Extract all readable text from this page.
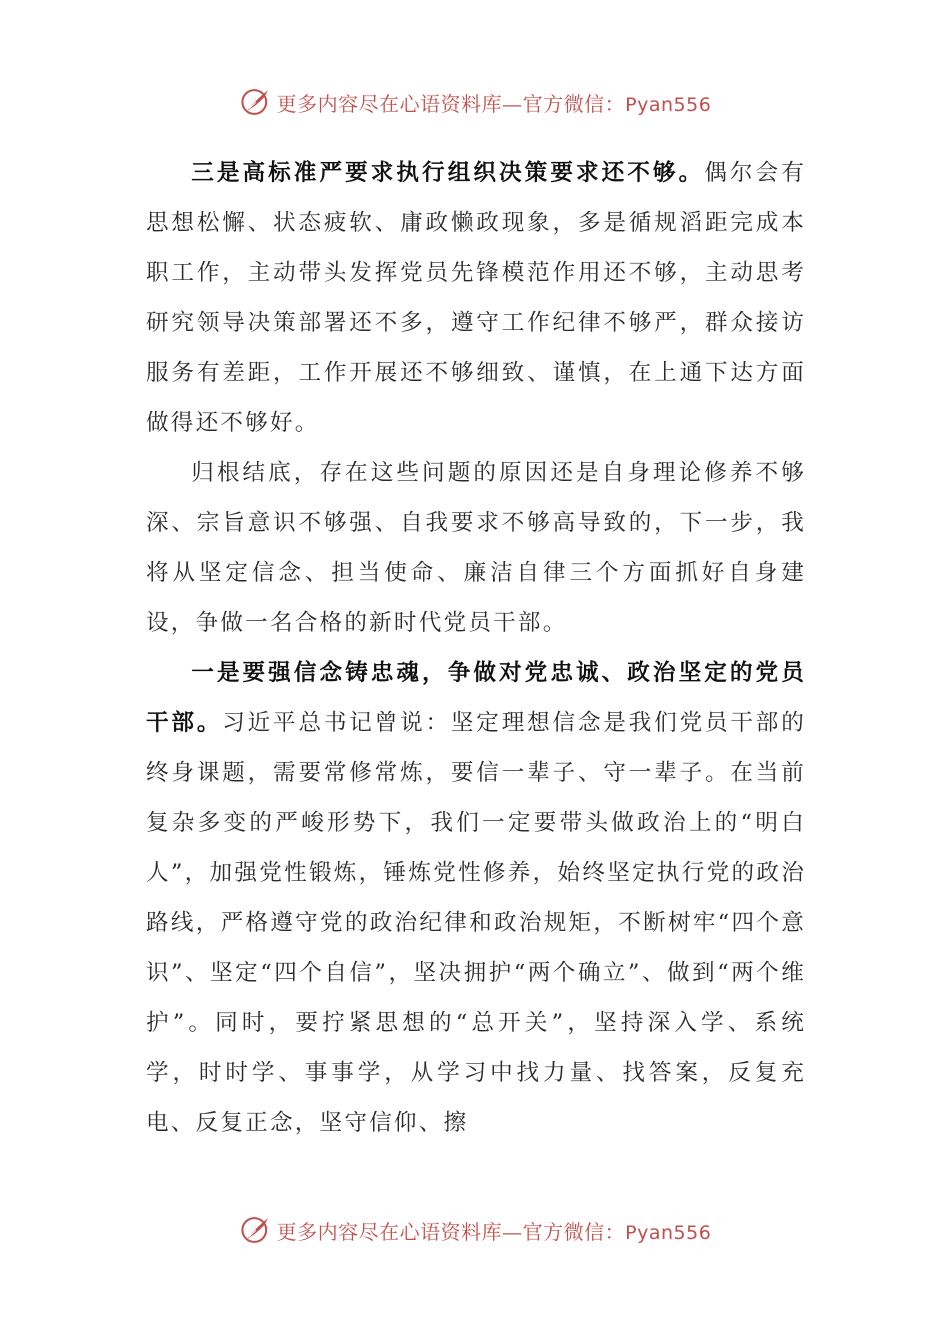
更多内容尽在心语资料库—官方微信：Pyan556

三是高标准严要求执行组织决策要求还不够。偶尔会有思想松懈、状态疲软、庸政懒政现象，多是循规滔距完成本职工作，主动带头发挥党员先锋模范作用还不够，主动思考研究领导决策部署还不多，遵守工作纪律不够严，群众接访服务有差距，工作开展还不够细致、谨慎，在上通下达方面做得还不够好。

归根结底，存在这些问题的原因还是自身理论修养不够深、宗旨意识不够强、自我要求不够高导致的，下一步，我将从坚定信念、担当使命、廉洁自律三个方面抓好自身建设，争做一名合格的新时代党员干部。

一是要强信念铸忠魂，争做对党忠诚、政治坚定的党员干部。习近平总书记曾说：坚定理想信念是我们党员干部的终身课题，需要常修常炼，要信一辈子、守一辈子。在当前复杂多变的严峻形势下，我们一定要带头做政治上的“明白人”，加强党性锻炼，锤炼党性修养，始终坚定执行党的政治路线，严格遵守党的政治纪律和政治规矩，不断树牢“四个意识”、坚定“四个自信”，坚决拥护“两个确立”、做到“两个维护”。同时，要拧紧思想的“总开关”，坚持深入学、系统学，时时学、事事学，从学习中找力量、找答案，反复充电、反复正念，坚守信仰、擦

更多内容尽在心语资料库—官方微信：Pyan556
